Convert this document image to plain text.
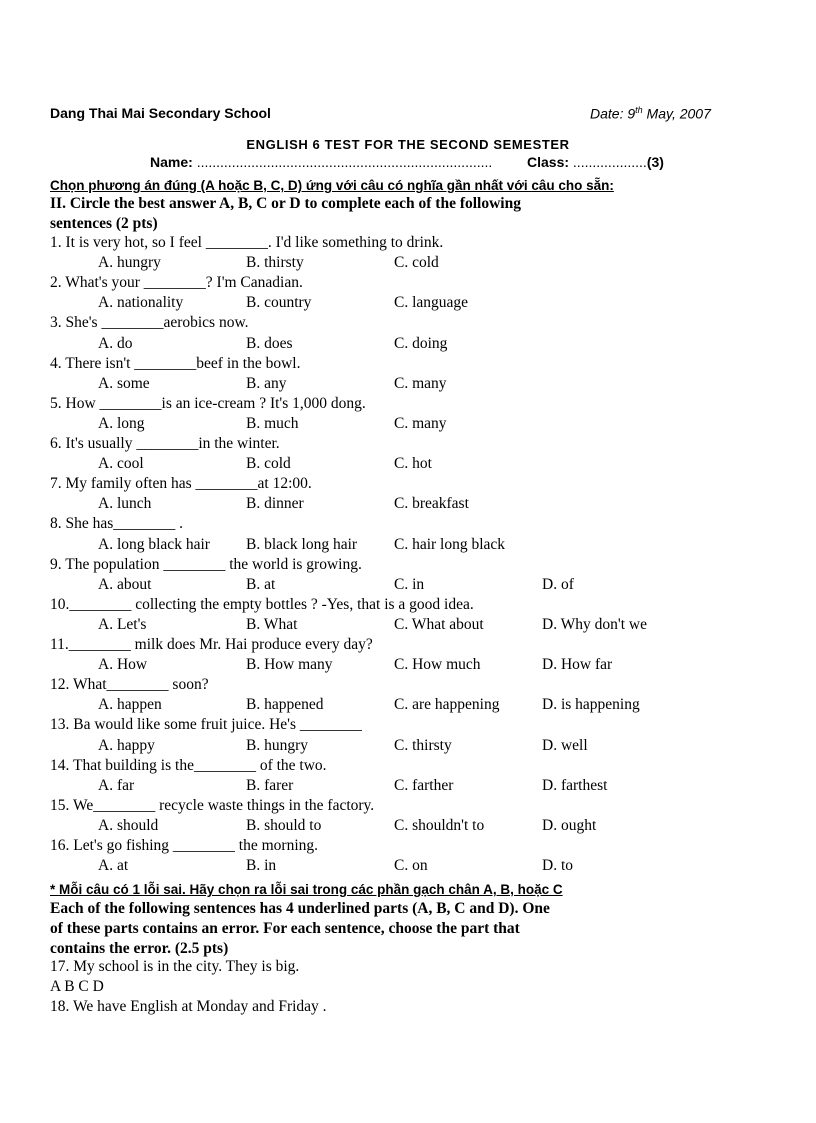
Dang Thai Mai Secondary School	Date: 9th May, 2007
ENGLISH 6 TEST FOR THE SECOND SEMESTER
Name: ............................................................................ Class: ...................(3)
Chọn phương án đúng (A hoặc B, C, D) ứng với câu có nghĩa gần nhất với câu cho sẵn:
II. Circle the best answer A, B, C or D to complete each of the following
sentences (2 pts)
1. It is very hot, so I feel ________. I'd like something to drink.
A. hungry	B. thirsty	C. cold
2. What's your ________? I'm Canadian.
A. nationality	B. country	C. language
3. She's ________aerobics now.
A. do	B. does	C. doing
4. There isn't ________beef in the bowl.
A. some	B. any	C. many
5. How ________is an ice-cream ? It's 1,000 dong.
A. long	B. much	C. many
6. It's usually ________in the winter.
A. cool	B. cold	C. hot
7. My family often has ________at 12:00.
A. lunch	B. dinner	C. breakfast
8. She has________ .
A. long black hair B. black long hair C. hair long black
9. The population ________ the world is growing.
A. about	B. at	C. in	D. of
10.________ collecting the empty bottles ? -Yes, that is a good idea.
A. Let's	B. What	C. What about	D. Why don't we
11.________ milk does Mr. Hai produce every day?
A. How	B. How many	C. How much	D. How far
12. What________ soon?
A. happen	B. happened	C. are happening	D. is happening
13. Ba would like some fruit juice. He's ________
A. happy	B. hungry	C. thirsty	D. well
14. That building is the________ of the two.
A. far	B. farer	C. farther	D. farthest
15. We________ recycle waste things in the factory.
A. should	B. should to	C. shouldn't to	D. ought
16. Let's go fishing ________ the morning.
A. at	B. in	C. on	D. to
* Mỗi câu có 1 lỗi sai. Hãy chọn ra lỗi sai trong các phần gạch chân A, B, hoặc C
Each of the following sentences has 4 underlined parts (A, B, C and D). One
of these parts contains an error. For each sentence, choose the part that
contains the error. (2.5 pts)
17. My school is in the city. They is big.
A B C D
18. We have English at Monday and Friday .
